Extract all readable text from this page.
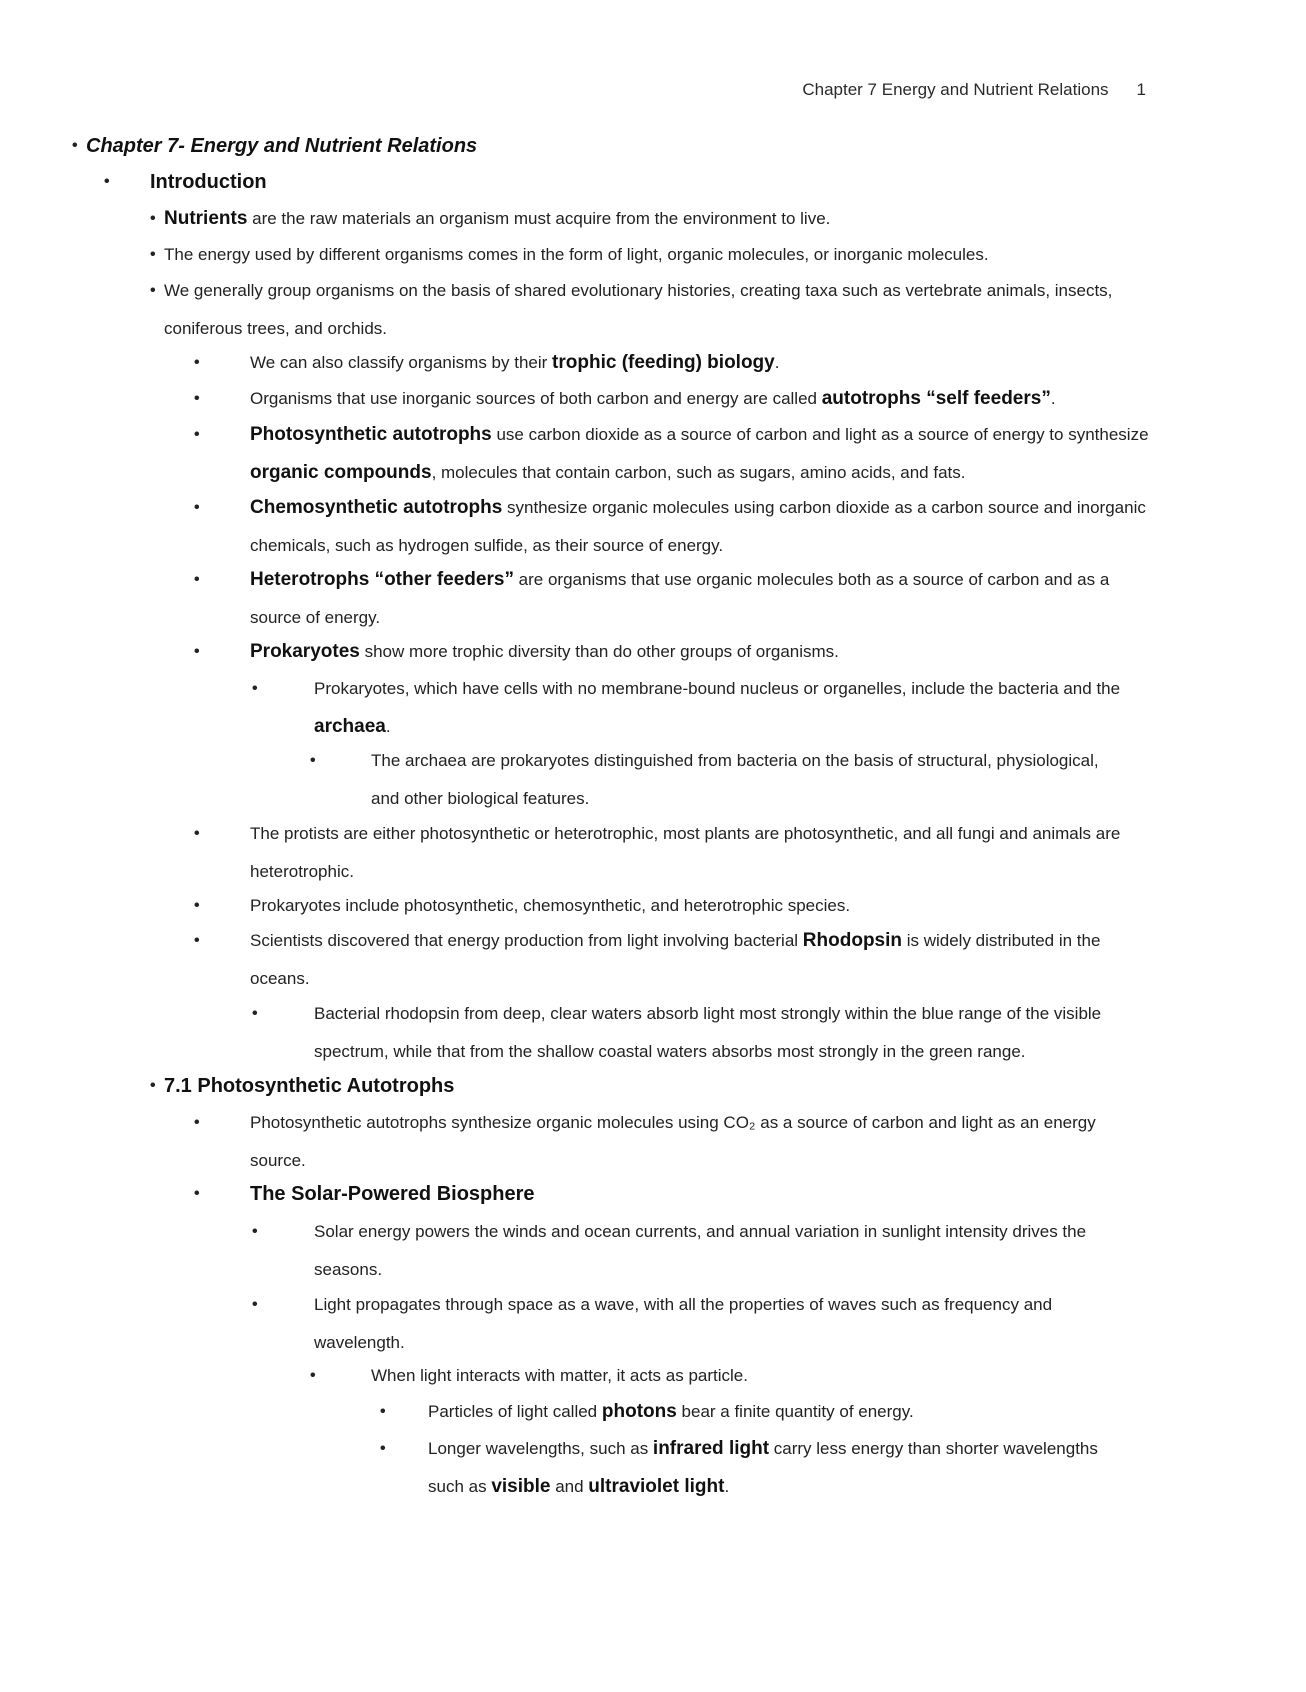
Chapter 7 Energy and Nutrient Relations 1
• Chapter 7- Energy and Nutrient Relations
• Introduction
• Nutrients are the raw materials an organism must acquire from the environment to live.
• The energy used by different organisms comes in the form of light, organic molecules, or inorganic molecules.
• We generally group organisms on the basis of shared evolutionary histories, creating taxa such as vertebrate animals, insects, coniferous trees, and orchids.
•	We can also classify organisms by their trophic (feeding) biology.
•	Organisms that use inorganic sources of both carbon and energy are called autotrophs “self feeders”.
•	Photosynthetic autotrophs use carbon dioxide as a source of carbon and light as a source of energy to synthesize organic compounds, molecules that contain carbon, such as sugars, amino acids, and fats.
•	Chemosynthetic autotrophs synthesize organic molecules using carbon dioxide as a carbon source and inorganic chemicals, such as hydrogen sulfide, as their source of energy.
•	Heterotrophs “other feeders” are organisms that use organic molecules both as a source of carbon and as a source of energy.
•	Prokaryotes show more trophic diversity than do other groups of organisms.
•	Prokaryotes, which have cells with no membrane-bound nucleus or organelles, include the bacteria and the archaea.
•	The archaea are prokaryotes distinguished from bacteria on the basis of structural, physiological, and other biological features.
•	The protists are either photosynthetic or heterotrophic, most plants are photosynthetic, and all fungi and animals are heterotrophic.
•	Prokaryotes include photosynthetic, chemosynthetic, and heterotrophic species.
•	Scientists discovered that energy production from light involving bacterial Rhodopsin is widely distributed in the oceans.
•	Bacterial rhodopsin from deep, clear waters absorb light most strongly within the blue range of the visible spectrum, while that from the shallow coastal waters absorbs most strongly in the green range.
• 7.1 Photosynthetic Autotrophs
•	Photosynthetic autotrophs synthesize organic molecules using CO₂ as a source of carbon and light as an energy source.
•	The Solar-Powered Biosphere
•	Solar energy powers the winds and ocean currents, and annual variation in sunlight intensity drives the seasons.
•	Light propagates through space as a wave, with all the properties of waves such as frequency and wavelength.
•	When light interacts with matter, it acts as particle.
• Particles of light called photons bear a finite quantity of energy.
• Longer wavelengths, such as infrared light carry less energy than shorter wavelengths such as visible and ultraviolet light.
